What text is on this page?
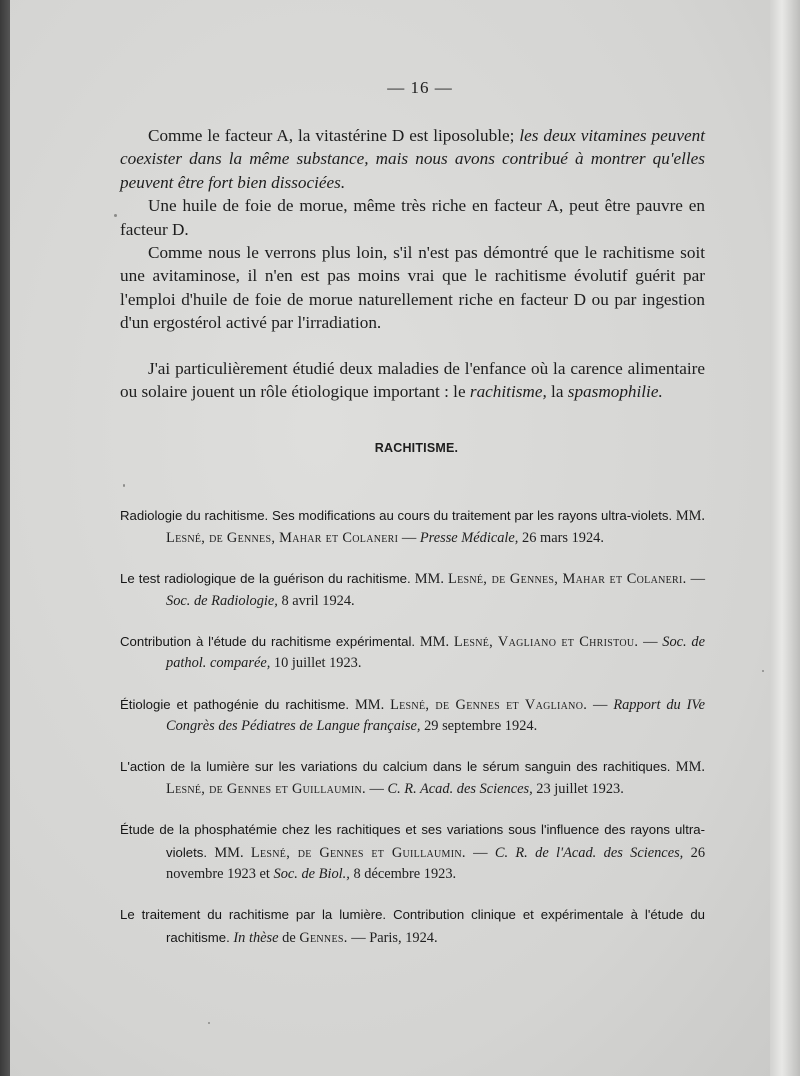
— 16 —

Comme le facteur A, la vitastérine D est liposoluble; les deux vitamines peuvent coexister dans la même substance, mais nous avons contribué à montrer qu'elles peuvent être fort bien dissociées.

Une huile de foie de morue, même très riche en facteur A, peut être pauvre en facteur D.

Comme nous le verrons plus loin, s'il n'est pas démontré que le rachitisme soit une avitaminose, il n'en est pas moins vrai que le rachitisme évolutif guérit par l'emploi d'huile de foie de morue naturellement riche en facteur D ou par ingestion d'un ergostérol activé par l'irradiation.

J'ai particulièrement étudié deux maladies de l'enfance où la carence alimentaire ou solaire jouent un rôle étiologique important : le rachitisme, la spasmophilie.

RACHITISME.

Radiologie du rachitisme. Ses modifications au cours du traitement par les rayons ultra-violets. MM. Lesné, de Gennes, Mahar et Colaneri — Presse Médicale, 26 mars 1924.

Le test radiologique de la guérison du rachitisme. MM. Lesné, de Gennes, Mahar et Colaneri. — Soc. de Radiologie, 8 avril 1924.

Contribution à l'étude du rachitisme expérimental. MM. Lesné, Vagliano et Christou. — Soc. de pathol. comparée, 10 juillet 1923.

Étiologie et pathogénie du rachitisme. MM. Lesné, de Gennes et Vagliano. — Rapport du IVe Congrès des Pédiatres de Langue française, 29 septembre 1924.

L'action de la lumière sur les variations du calcium dans le sérum sanguin des rachitiques. MM. Lesné, de Gennes et Guillaumin. — C. R. Acad. des Sciences, 23 juillet 1923.

Étude de la phosphatémie chez les rachitiques et ses variations sous l'influence des rayons ultra-violets. MM. Lesné, de Gennes et Guillaumin. — C. R. de l'Acad. des Sciences, 26 novembre 1923 et Soc. de Biol., 8 décembre 1923.

Le traitement du rachitisme par la lumière. Contribution clinique et expérimentale à l'étude du rachitisme. In thèse de Gennes. — Paris, 1924.
